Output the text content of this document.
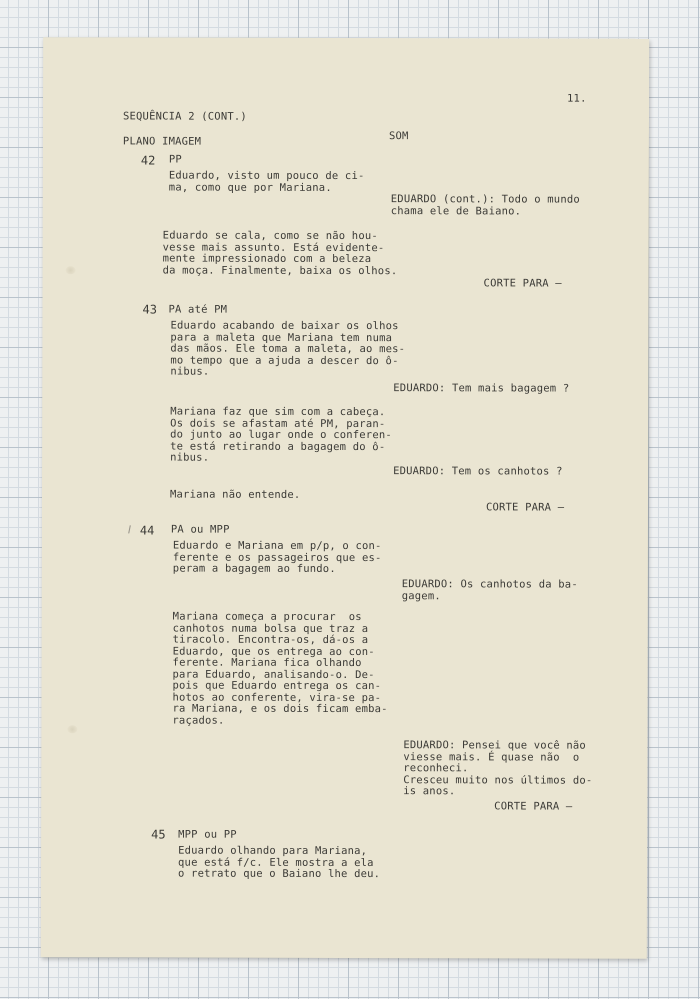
11.
SEQUÊNCIA 2 (CONT.)
PLANO IMAGEM	SOM
42 PP
Eduardo, visto um pouco de ci-
ma, como que por Mariana.
EDUARDO (cont.): Todo o mundo
chama ele de Baiano.
Eduardo se cala, como se não hou-
vesse mais assunto. Está evidente-
mente impressionado com a beleza
da moça. Finalmente, baixa os olhos.
CORTE PARA —
43 PA até PM
Eduardo acabando de baixar os olhos
para a maleta que Mariana tem numa
das mãos. Ele toma a maleta, ao mes-
mo tempo que a ajuda a descer do ô-
nibus.
EDUARDO: Tem mais bagagem ?
Mariana faz que sim com a cabeça.
Os dois se afastam até PM, paran-
do junto ao lugar onde o conferen-
te está retirando a bagagem do ô-
nibus.
EDUARDO: Tem os canhotos ?
Mariana não entende.
CORTE PARA —
I 44 PA ou MPP
Eduardo e Mariana em p/p, o con-
ferente e os passageiros que es-
peram a bagagem ao fundo.
EDUARDO: Os canhotos da ba-
gagem.
Mariana começa a procurar  os
canhotos numa bolsa que traz a
tiracolo. Encontra-os, dá-os a
Eduardo, que os entrega ao con-
ferente. Mariana fica olhando
para Eduardo, analisando-o. De-
pois que Eduardo entrega os can-
hotos ao conferente, vira-se pa-
ra Mariana, e os dois ficam emba-
raçados.
EDUARDO: Pensei que você não
viesse mais. É quase não  o
reconheci.
Cresceu muito nos últimos do-
is anos.
CORTE PARA —
45 MPP ou PP
Eduardo olhando para Mariana,
que está f/c. Ele mostra a ela
o retrato que o Baiano lhe deu.
